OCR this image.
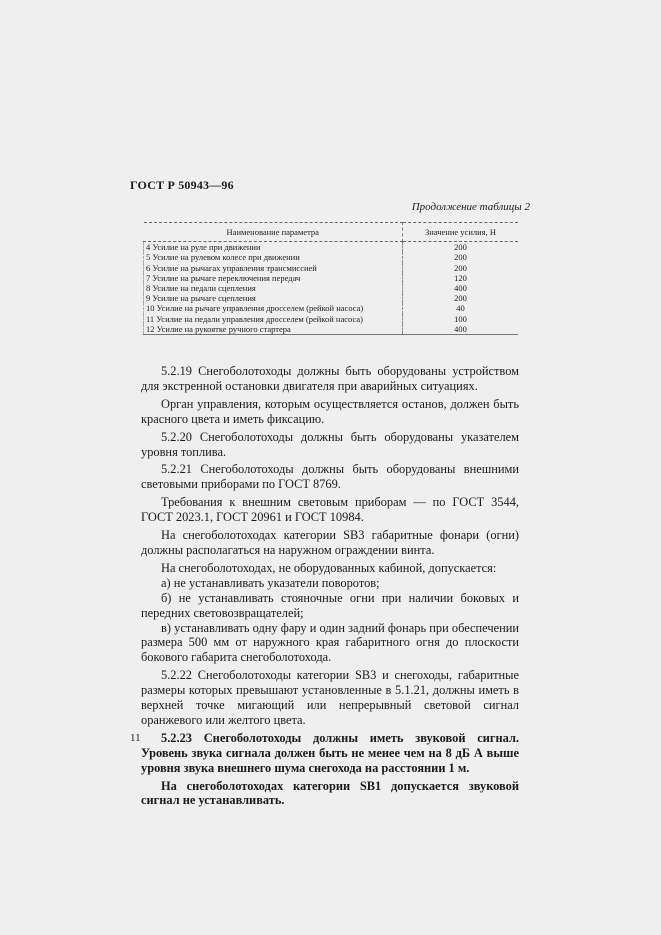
ГОСТ Р 50943—96
Продолжение таблицы 2
Наименование параметра	Значение усилия, Н
4 Усилие на руле при движении	200
5 Усилие на рулевом колесе при движении	200
6 Усилие на рычагах управления трансмиссией	200
7 Усилие на рычаге переключения передач	120
8 Усилие на педали сцепления	400
9 Усилие на рычаге сцепления	200
10 Усилие на рычаге управления дросселем (рейкой насоса)	40
11 Усилие на педали управления дросселем (рейкой насоса)	100
12 Усилие на рукоятке ручного стартера	400

5.2.19 Снегоболотоходы должны быть оборудованы устройством для экстренной остановки двигателя при аварийных ситуациях.

Орган управления, которым осуществляется останов, должен быть красного цвета и иметь фиксацию.

5.2.20 Снегоболотоходы должны быть оборудованы указателем уровня топлива.

5.2.21 Снегоболотоходы должны быть оборудованы внешними световыми приборами по ГОСТ 8769.

Требования к внешним световым приборам — по ГОСТ 3544, ГОСТ 2023.1, ГОСТ 20961 и ГОСТ 10984.

На снегоболотоходах категории SB3 габаритные фонари (огни) должны располагаться на наружном ограждении винта.

На снегоболотоходах, не оборудованных кабиной, допускается:

а) не устанавливать указатели поворотов;

б) не устанавливать стояночные огни при наличии боковых и передних световозвращателей;

в) устанавливать одну фару и один задний фонарь при обеспечении размера 500 мм от наружного края габаритного огня до плоскости бокового габарита снегоболотохода.

5.2.22 Снегоболотоходы категории SB3 и снегоходы, габаритные размеры которых превышают установленные в 5.1.21, должны иметь в верхней точке мигающий или непрерывный световой сигнал оранжевого или желтого цвета.

5.2.23 Снегоболотоходы должны иметь звуковой сигнал. Уровень звука сигнала должен быть не менее чем на 8 дБ А выше уровня звука внешнего шума снегохода на расстоянии 1 м.

На снегоболотоходах категории SB1 допускается звуковой сигнал не устанавливать.

11
